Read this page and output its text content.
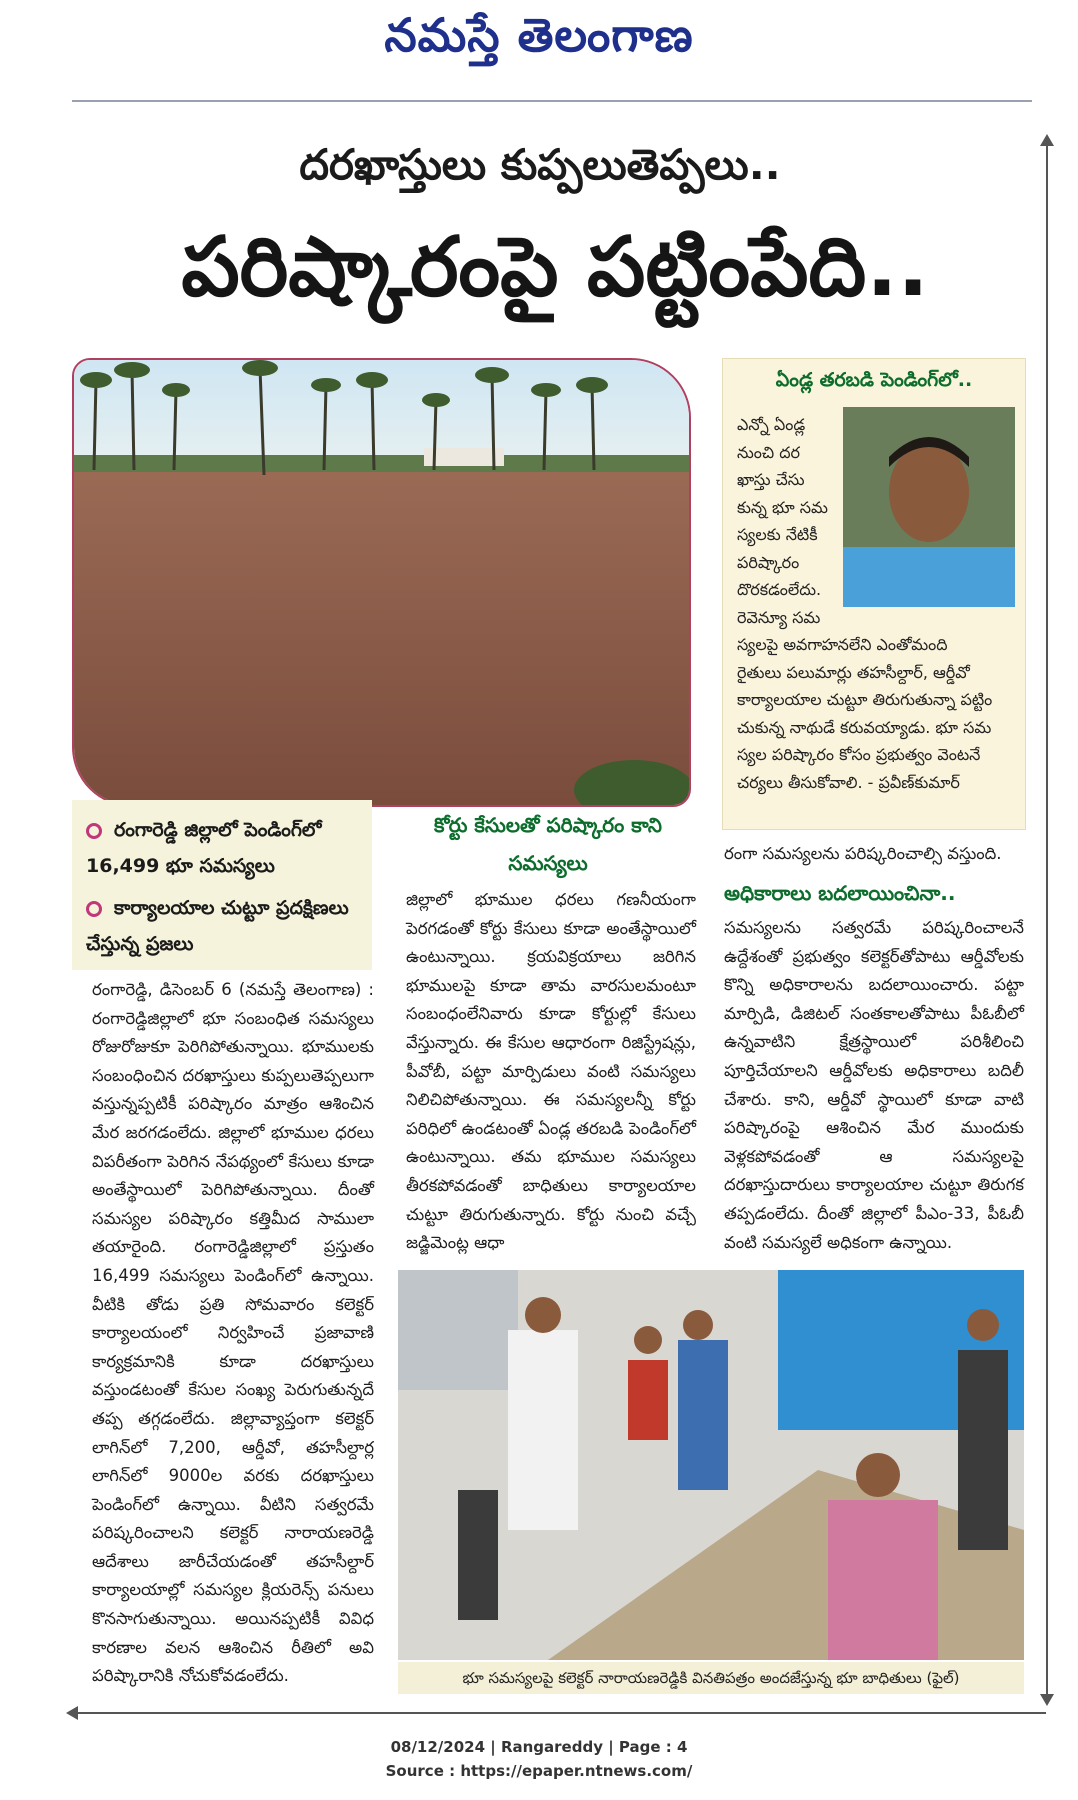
నమస్తే తెలంగాణ
దరఖాస్తులు కుప్పలుతెప్పలు..
పరిష్కారంపై పట్టింపేది..
ఏండ్ల తరబడి పెండింగ్‌లో..
ఎన్నో ఏండ్ల
నుంచి దర
ఖాస్తు చేసు
కున్న భూ సమ
స్యలకు నేటికీ
పరిష్కారం
దొరకడంలేదు.
రెవెన్యూ సమ
స్యలపై అవగాహనలేని ఎంతోమంది
రైతులు పలుమార్లు తహసీల్దార్, ఆర్డీవో
కార్యాలయాల చుట్టూ తిరుగుతున్నా పట్టిం
చుకున్న నాథుడే కరువయ్యాడు. భూ సమ
స్యల పరిష్కారం కోసం ప్రభుత్వం వెంటనే
చర్యలు తీసుకోవాలి. - ప్రవీణ్‌కుమార్
రంగారెడ్డి జిల్లాలో పెండింగ్‌లో 16,499 భూ సమస్యలు
కార్యాలయాల చుట్టూ ప్రదక్షిణలు చేస్తున్న ప్రజలు
రంగారెడ్డి, డిసెంబర్ 6 (నమస్తే తెలంగాణ) : రంగారెడ్డిజిల్లాలో భూ సంబంధిత సమస్యలు రోజురోజుకూ పెరిగిపోతున్నాయి. భూములకు సంబంధించిన దరఖాస్తులు కుప్పలుతెప్పలుగా వస్తున్నప్పటికీ పరిష్కారం మాత్రం ఆశించిన మేర జరగడంలేదు. జిల్లాలో భూముల ధరలు విపరీతంగా పెరిగిన నేపథ్యంలో కేసులు కూడా అంతేస్థాయిలో పెరిగిపోతున్నాయి. దీంతో సమస్యల పరిష్కారం కత్తిమీద సాములా తయారైంది. రంగారెడ్డిజిల్లాలో ప్రస్తుతం 16,499 సమస్యలు పెండింగ్‌లో ఉన్నాయి. వీటికి తోడు ప్రతి సోమవారం కలెక్టర్ కార్యాలయంలో నిర్వహించే ప్రజావాణి కార్యక్రమానికి కూడా దరఖాస్తులు వస్తుండటంతో కేసుల సంఖ్య పెరుగుతున్నదే తప్ప తగ్గడంలేదు. జిల్లావ్యాప్తంగా కలెక్టర్ లాగిన్‌లో 7,200, ఆర్డీవో, తహసీల్దార్ల లాగిన్‌లో 9000ల వరకు దరఖాస్తులు పెండింగ్‌లో ఉన్నాయి. వీటిని సత్వరమే పరిష్కరించాలని కలెక్టర్ నారాయణరెడ్డి ఆదేశాలు జారీచేయడంతో తహసీల్దార్ కార్యాలయాల్లో సమస్యల క్లియరెన్స్ పనులు కొనసాగుతున్నాయి. అయినప్పటికీ వివిధ కారణాల వలన ఆశించిన రీతిలో అవి పరిష్కారానికి నోచుకోవడంలేదు.
కోర్టు కేసులతో పరిష్కారం కాని సమస్యలు
జిల్లాలో భూముల ధరలు గణనీయంగా పెరగడంతో కోర్టు కేసులు కూడా అంతేస్థాయిలో ఉంటున్నాయి. క్రయవిక్రయాలు జరిగిన భూములపై కూడా తామ వారసులమంటూ సంబంధంలేనివారు కూడా కోర్టుల్లో కేసులు వేస్తున్నారు. ఈ కేసుల ఆధారంగా రిజిస్ట్రేషన్లు, పీవోబీ, పట్టా మార్పిడులు వంటి సమస్యలు నిలిచిపోతున్నాయి. ఈ సమస్యలన్నీ కోర్టు పరిధిలో ఉండటంతో ఏండ్ల తరబడి పెండింగ్‌లో ఉంటున్నాయి. తమ భూముల సమస్యలు తీరకపోవడంతో బాధితులు కార్యాలయాల చుట్టూ తిరుగుతున్నారు. కోర్టు నుంచి వచ్చే జడ్జిమెంట్ల ఆధా
రంగా సమస్యలను పరిష్కరించాల్సి వస్తుంది.
అధికారాలు బదలాయించినా..
సమస్యలను సత్వరమే పరిష్కరించాలనే ఉద్దేశంతో ప్రభుత్వం కలెక్టర్‌తోపాటు ఆర్డీవోలకు కొన్ని అధికారాలను బదలాయించారు. పట్టా మార్పిడి, డిజిటల్ సంతకాలతోపాటు పీఓబీలో ఉన్నవాటిని క్షేత్రస్థాయిలో పరిశీలించి పూర్తిచేయాలని ఆర్డీవోలకు అధికారాలు బదిలీ చేశారు. కాని, ఆర్డీవో స్థాయిలో కూడా వాటి పరిష్కారంపై ఆశించిన మేర ముందుకు వెళ్లకపోవడంతో ఆ సమస్యలపై దరఖాస్తుదారులు కార్యాలయాల చుట్టూ తిరుగక తప్పడంలేదు. దీంతో జిల్లాలో పీఎం-33, పీఓబీ వంటి సమస్యలే అధికంగా ఉన్నాయి.
భూ సమస్యలపై కలెక్టర్ నారాయణరెడ్డికి వినతిపత్రం అందజేస్తున్న భూ బాధితులు (ఫైల్)
08/12/2024 | Rangareddy | Page : 4
Source : https://epaper.ntnews.com/
